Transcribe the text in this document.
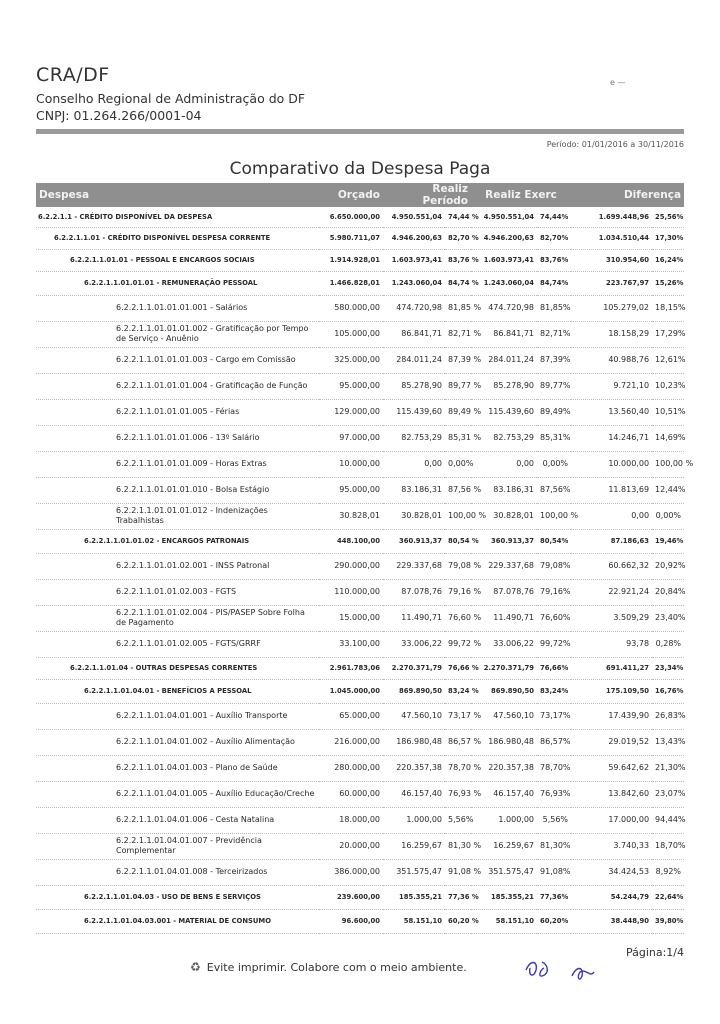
CRA/DF
Conselho Regional de Administração do DF
CNPJ: 01.264.266/0001-04
e —
Período: 01/01/2016 a 30/11/2016
Comparativo da Despesa Paga
Despesa	Orçado	Realiz Período		Realiz Exerc		Diferença	
6.2.2.1.1 - CRÉDITO DISPONÍVEL DA DESPESA	6.650.000,00	4.950.551,04	74,44 %	4.950.551,04	74,44%	1.699.448,96	25,56%
6.2.2.1.1.01 - CRÉDITO DISPONÍVEL DESPESA CORRENTE	5.980.711,07	4.946.200,63	82,70 %	4.946.200,63	82,70%	1.034.510,44	17,30%
6.2.2.1.1.01.01 - PESSOAL E ENCARGOS SOCIAIS	1.914.928,01	1.603.973,41	83,76 %	1.603.973,41	83,76%	310.954,60	16,24%
6.2.2.1.1.01.01.01 - REMUNERAÇÃO PESSOAL	1.466.828,01	1.243.060,04	84,74 %	1.243.060,04	84,74%	223.767,97	15,26%
6.2.2.1.1.01.01.01.001 - Salários	580.000,00	474.720,98	81,85 %	474.720,98	81,85%	105.279,02	18,15%
6.2.2.1.1.01.01.01.002 - Gratificação por Tempo de Serviço - Anuênio	105.000,00	86.841,71	82,71 %	86.841,71	82,71%	18.158,29	17,29%
6.2.2.1.1.01.01.01.003 - Cargo em Comissão	325.000,00	284.011,24	87,39 %	284.011,24	87,39%	40.988,76	12,61%
6.2.2.1.1.01.01.01.004 - Gratificação de Função	95.000,00	85.278,90	89,77 %	85.278,90	89,77%	9.721,10	10,23%
6.2.2.1.1.01.01.01.005 - Férias	129.000,00	115.439,60	89,49 %	115.439,60	89,49%	13.560,40	10,51%
6.2.2.1.1.01.01.01.006 - 13º Salário	97.000,00	82.753,29	85,31 %	82.753,29	85,31%	14.246,71	14,69%
6.2.2.1.1.01.01.01.009 - Horas Extras	10.000,00	0,00	0,00%	0,00	0,00%	10.000,00	100,00 %
6.2.2.1.1.01.01.01.010 - Bolsa Estágio	95.000,00	83.186,31	87,56 %	83.186,31	87,56%	11.813,69	12,44%
6.2.2.1.1.01.01.01.012 - Indenizações Trabalhistas	30.828,01	30.828,01	100,00 %	30.828,01	100,00 %	0,00	0,00%
6.2.2.1.1.01.01.02 - ENCARGOS PATRONAIS	448.100,00	360.913,37	80,54 %	360.913,37	80,54%	87.186,63	19,46%
6.2.2.1.1.01.01.02.001 - INSS Patronal	290.000,00	229.337,68	79,08 %	229.337,68	79,08%	60.662,32	20,92%
6.2.2.1.1.01.01.02.003 - FGTS	110.000,00	87.078,76	79,16 %	87.078,76	79,16%	22.921,24	20,84%
6.2.2.1.1.01.01.02.004 - PIS/PASEP Sobre Folha de Pagamento	15.000,00	11.490,71	76,60 %	11.490,71	76,60%	3.509,29	23,40%
6.2.2.1.1.01.01.02.005 - FGTS/GRRF	33.100,00	33.006,22	99,72 %	33.006,22	99,72%	93,78	0,28%
6.2.2.1.1.01.04 - OUTRAS DESPESAS CORRENTES	2.961.783,06	2.270.371,79	76,66 %	2.270.371,79	76,66%	691.411,27	23,34%
6.2.2.1.1.01.04.01 - BENEFÍCIOS A PESSOAL	1.045.000,00	869.890,50	83,24 %	869.890,50	83,24%	175.109,50	16,76%
6.2.2.1.1.01.04.01.001 - Auxílio Transporte	65.000,00	47.560,10	73,17 %	47.560,10	73,17%	17.439,90	26,83%
6.2.2.1.1.01.04.01.002 - Auxílio Alimentação	216.000,00	186.980,48	86,57 %	186.980,48	86,57%	29.019,52	13,43%
6.2.2.1.1.01.04.01.003 - Plano de Saúde	280.000,00	220.357,38	78,70 %	220.357,38	78,70%	59.642,62	21,30%
6.2.2.1.1.01.04.01.005 - Auxílio Educação/Creche	60.000,00	46.157,40	76,93 %	46.157,40	76,93%	13.842,60	23,07%
6.2.2.1.1.01.04.01.006 - Cesta Natalina	18.000,00	1.000,00	5,56%	1.000,00	5,56%	17.000,00	94,44%
6.2.2.1.1.01.04.01.007 - Previdência Complementar	20.000,00	16.259,67	81,30 %	16.259,67	81,30%	3.740,33	18,70%
6.2.2.1.1.01.04.01.008 - Terceirizados	386.000,00	351.575,47	91,08 %	351.575,47	91,08%	34.424,53	8,92%
6.2.2.1.1.01.04.03 - USO DE BENS E SERVIÇOS	239.600,00	185.355,21	77,36 %	185.355,21	77,36%	54.244,79	22,64%
6.2.2.1.1.01.04.03.001 - MATERIAL DE CONSUMO	96.600,00	58.151,10	60,20 %	58.151,10	60,20%	38.448,90	39,80%
Página:1/4
♻ Evite imprimir. Colabore com o meio ambiente.
